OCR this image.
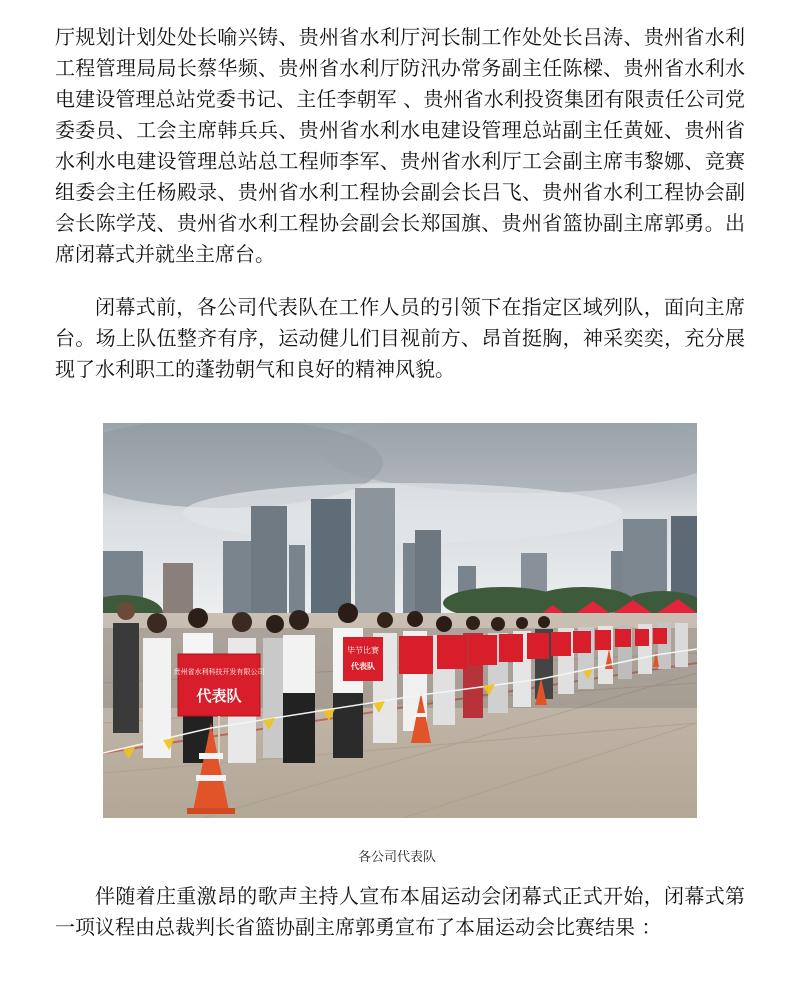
厅规划计划处处长喻兴铸、贵州省水利厅河长制工作处处长吕涛、贵州省水利工程管理局局长蔡华频、贵州省水利厅防汛办常务副主任陈樑、贵州省水利水电建设管理总站党委书记、主任李朝军 、贵州省水利投资集团有限责任公司党委委员、工会主席韩兵兵、贵州省水利水电建设管理总站副主任黄娅、贵州省水利水电建设管理总站总工程师李军、贵州省水利厅工会副主席韦黎娜、竞赛组委会主任杨殿录、贵州省水利工程协会副会长吕飞、贵州省水利工程协会副会长陈学茂、贵州省水利工程协会副会长郑国旗、贵州省篮协副主席郭勇。出席闭幕式并就坐主席台。

闭幕式前，各公司代表队在工作人员的引领下在指定区域列队，面向主席台。场上队伍整齐有序，运动健儿们目视前方、昂首挺胸，神采奕奕，充分展现了水利职工的蓬勃朝气和良好的精神风貌。

贵州省水利科技开发有限公司
代表队
毕节比赛
代表队
各公司代表队

伴随着庄重激昂的歌声主持人宣布本届运动会闭幕式正式开始，闭幕式第一项议程由总裁判长省篮协副主席郭勇宣布了本届运动会比赛结果 ：
